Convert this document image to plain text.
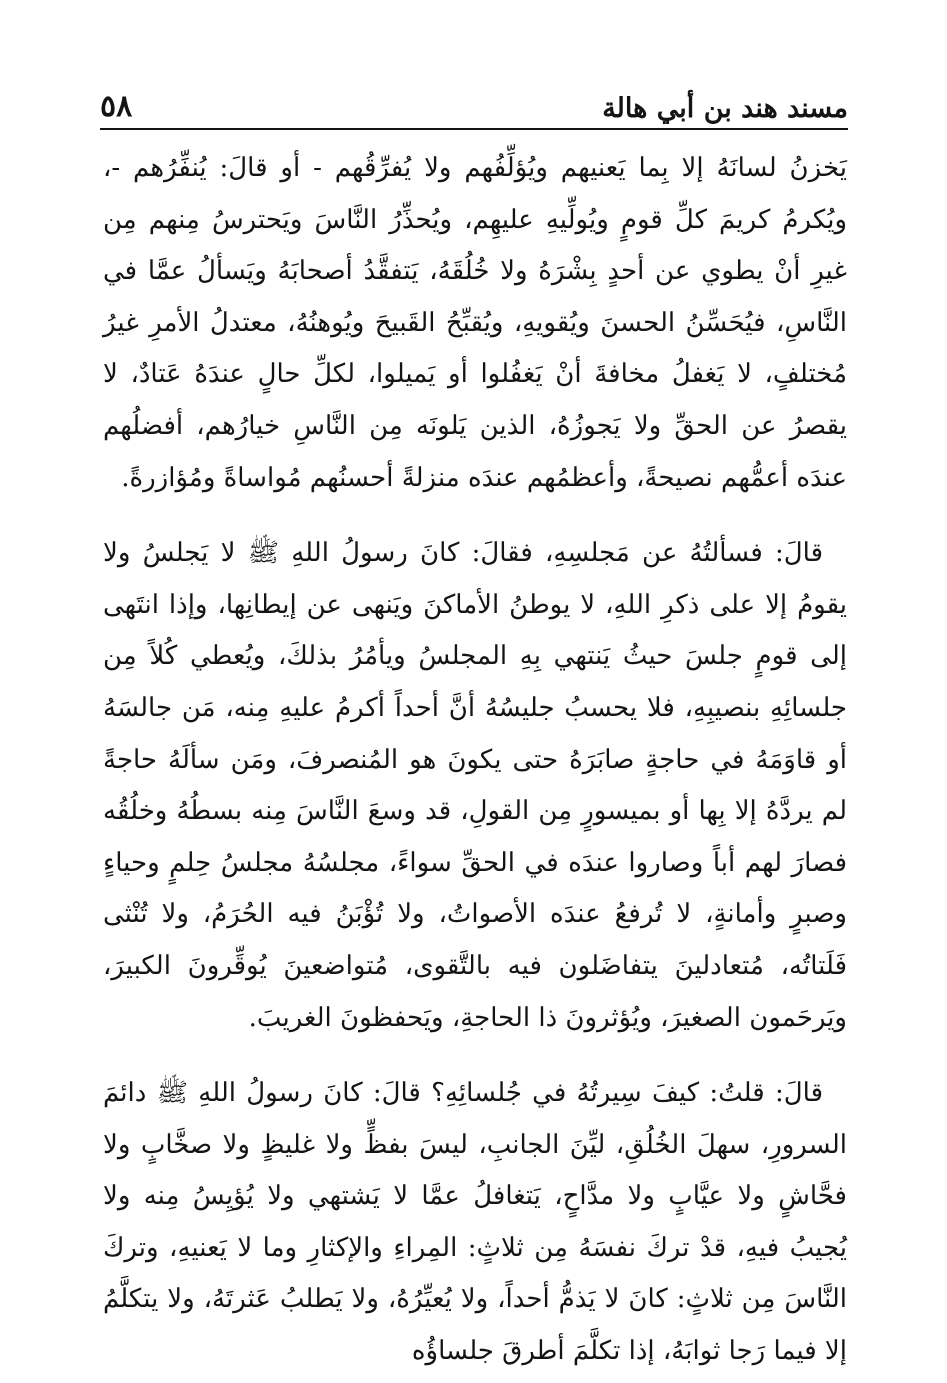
مسند هند بن أبي هالة
٥٨

يَخزنُ لسانَهُ إلا بِما يَعنيهم ويُؤلِّفُهم ولا يُفرِّقُهم - أو قالَ: يُنفِّرُهم -، ويُكرمُ كريمَ كلِّ قومٍ ويُولِّيهِ عليهِم، ويُحذِّرُ النَّاسَ ويَحترسُ مِنهم مِن غيرِ أنْ يطوي عن أحدٍ بِشْرَهُ ولا خُلُقَهُ، يَتفقَّدُ أصحابَهُ ويَسألُ عمَّا في النَّاسِ، فيُحَسِّنُ الحسنَ ويُقويهِ، ويُقبِّحُ القَبيحَ ويُوهنُهُ، معتدلُ الأمرِ غيرُ مُختلفٍ، لا يَغفلُ مخافةَ أنْ يَغفُلوا أو يَميلوا، لكلِّ حالٍ عندَهُ عَتادٌ، لا يقصرُ عن الحقِّ ولا يَجوزُهُ، الذين يَلونَه مِن النَّاسِ خيارُهم، أفضلُهم عندَه أعمُّهم نصيحةً، وأعظمُهم عندَه منزلةً أحسنُهم مُواساةً ومُؤازرةً.

قالَ: فسألتُهُ عن مَجلسِهِ، فقالَ: كانَ رسولُ اللهِ ﷺ لا يَجلسُ ولا يقومُ إلا على ذكرِ اللهِ، لا يوطنُ الأماكنَ ويَنهى عن إيطانِها، وإذا انتَهى إلى قومٍ جلسَ حيثُ يَنتهي بِهِ المجلسُ ويأمُرُ بذلكَ، ويُعطي كُلاً مِن جلسائِهِ بنصيبِهِ، فلا يحسبُ جليسُهُ أنَّ أحداً أكرمُ عليهِ مِنه، مَن جالسَهُ أو قاوَمَهُ في حاجةٍ صابَرَهُ حتى يكونَ هو المُنصرفَ، ومَن سألَهُ حاجةً لم يردَّهُ إلا بِها أو بميسورٍ مِن القولِ، قد وسعَ النَّاسَ مِنه بسطُهُ وخلُقُه فصارَ لهم أباً وصاروا عندَه في الحقِّ سواءً، مجلسُهُ مجلسُ حِلمٍ وحياءٍ وصبرٍ وأمانةٍ، لا تُرفعُ عندَه الأصواتُ، ولا تُؤْبَنُ فيه الحُرَمُ، ولا تُنْثى فَلَتاتُه، مُتعادلينَ يتفاضَلون فيه بالتَّقوى، مُتواضعينَ يُوقِّرونَ الكبيرَ، ويَرحَمون الصغيرَ، ويُؤثرونَ ذا الحاجةِ، ويَحفظونَ الغريبَ.

قالَ: قلتُ: كيفَ سِيرتُهُ في جُلسائِهِ؟ قالَ: كانَ رسولُ اللهِ ﷺ دائمَ السرورِ، سهلَ الخُلُقِ، ليِّنَ الجانبِ، ليسَ بفظٍّ ولا غليظٍ ولا صخَّابٍ ولا فحَّاشٍ ولا عيَّابٍ ولا مدَّاحٍ، يَتغافلُ عمَّا لا يَشتهي ولا يُؤيِسُ مِنه ولا يُجيبُ فيهِ، قدْ تركَ نفسَهُ مِن ثلاثٍ: المِراءِ والإكثارِ وما لا يَعنيهِ، وتركَ النَّاسَ مِن ثلاثٍ: كانَ لا يَذمُّ أحداً، ولا يُعيِّرُهُ، ولا يَطلبُ عَثرتَهُ، ولا يتكلَّمُ إلا فيما رَجا ثوابَهُ، إذا تكلَّمَ أطرقَ جلساؤُه
